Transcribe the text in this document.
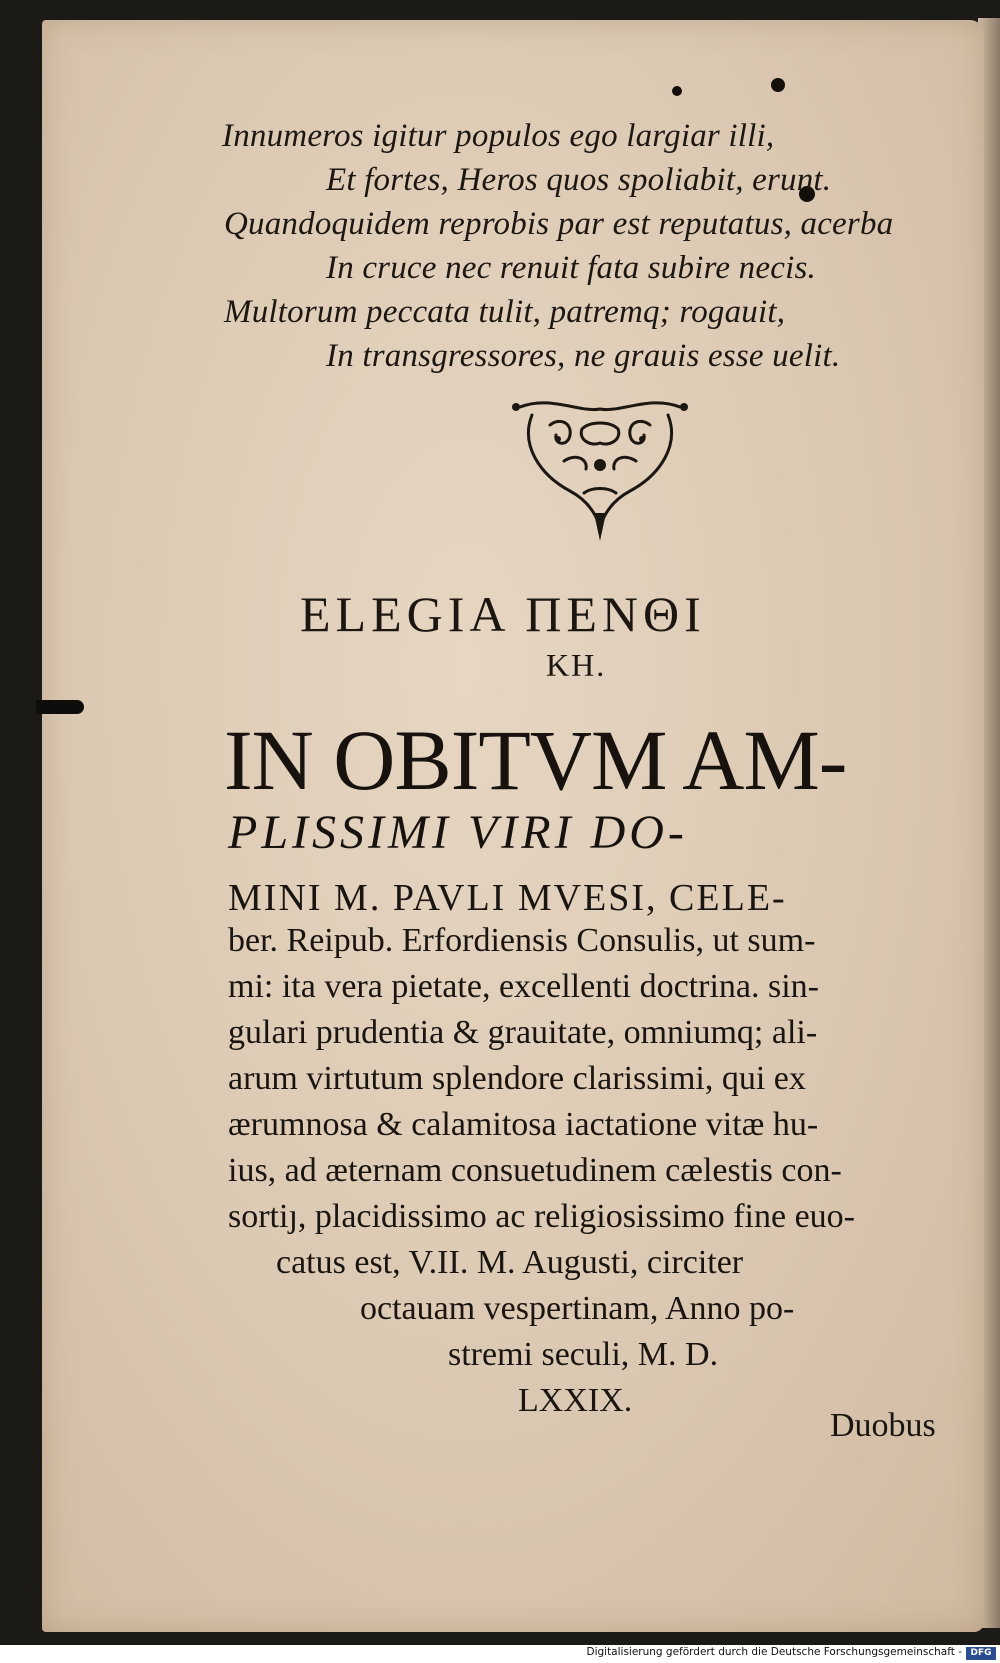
Innumeros igitur populos ego largiar illi,
Et fortes, Heros quos spoliabit, erunt.
Quandoquidem reprobis par est reputatus, acerba
In cruce nec renuit fata subire necis.
Multorum peccata tulit, patremq; rogauit,
In transgressores, ne grauis esse uelit.
ELEGIA ΠΕΝΘΙ
ΚΗ.
IN OBITVM AM-
PLISSIMI VIRI DO-
MINI M. PAVLI MVESI, CELE-
ber. Reipub. Erfordiensis Consulis, ut sum-
mi: ita vera pietate, excellenti doctrina. sin-
gulari prudentia & grauitate, omniumq; ali-
arum virtutum splendore clarissimi, qui ex
ærumnosa & calamitosa iactatione vitæ hu-
ius, ad æternam consuetudinem cælestis con-
sortiȷ, placidissimo ac religiosissimo fine euo-
catus est, V.II. M. Augusti, circiter
octauam vespertinam, Anno po-
stremi seculi, M. D.
LXXIX.
Duobus
Digitalisierung gefördert durch die Deutsche Forschungsgemeinschaft - DFG
